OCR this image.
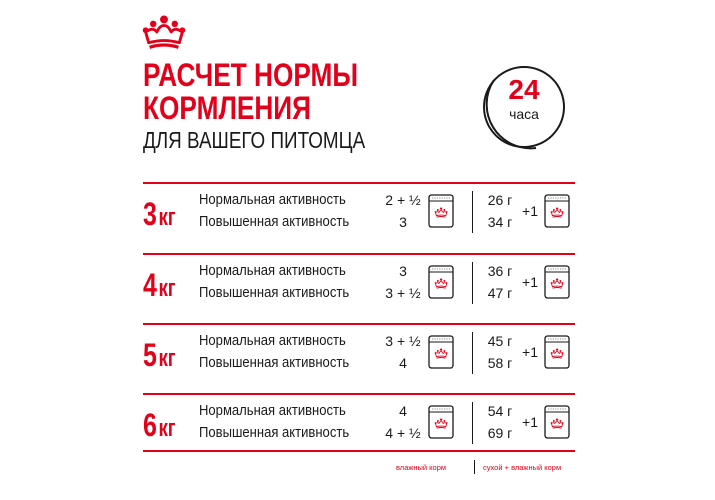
РАСЧЕТ НОРМЫ
КОРМЛЕНИЯ
ДЛЯ ВАШЕГО ПИТОМЦА
24
часа
3кг
Нормальная активность
Повышенная активность
2 + ½
3
26 г
34 г
+1
4кг
Нормальная активность
Повышенная активность
3
3 + ½
36 г
47 г
+1
5кг
Нормальная активность
Повышенная активность
3 + ½
4
45 г
58 г
+1
6кг
Нормальная активность
Повышенная активность
4
4 + ½
54 г
69 г
+1
влажный корм	сухой + влажный корм
